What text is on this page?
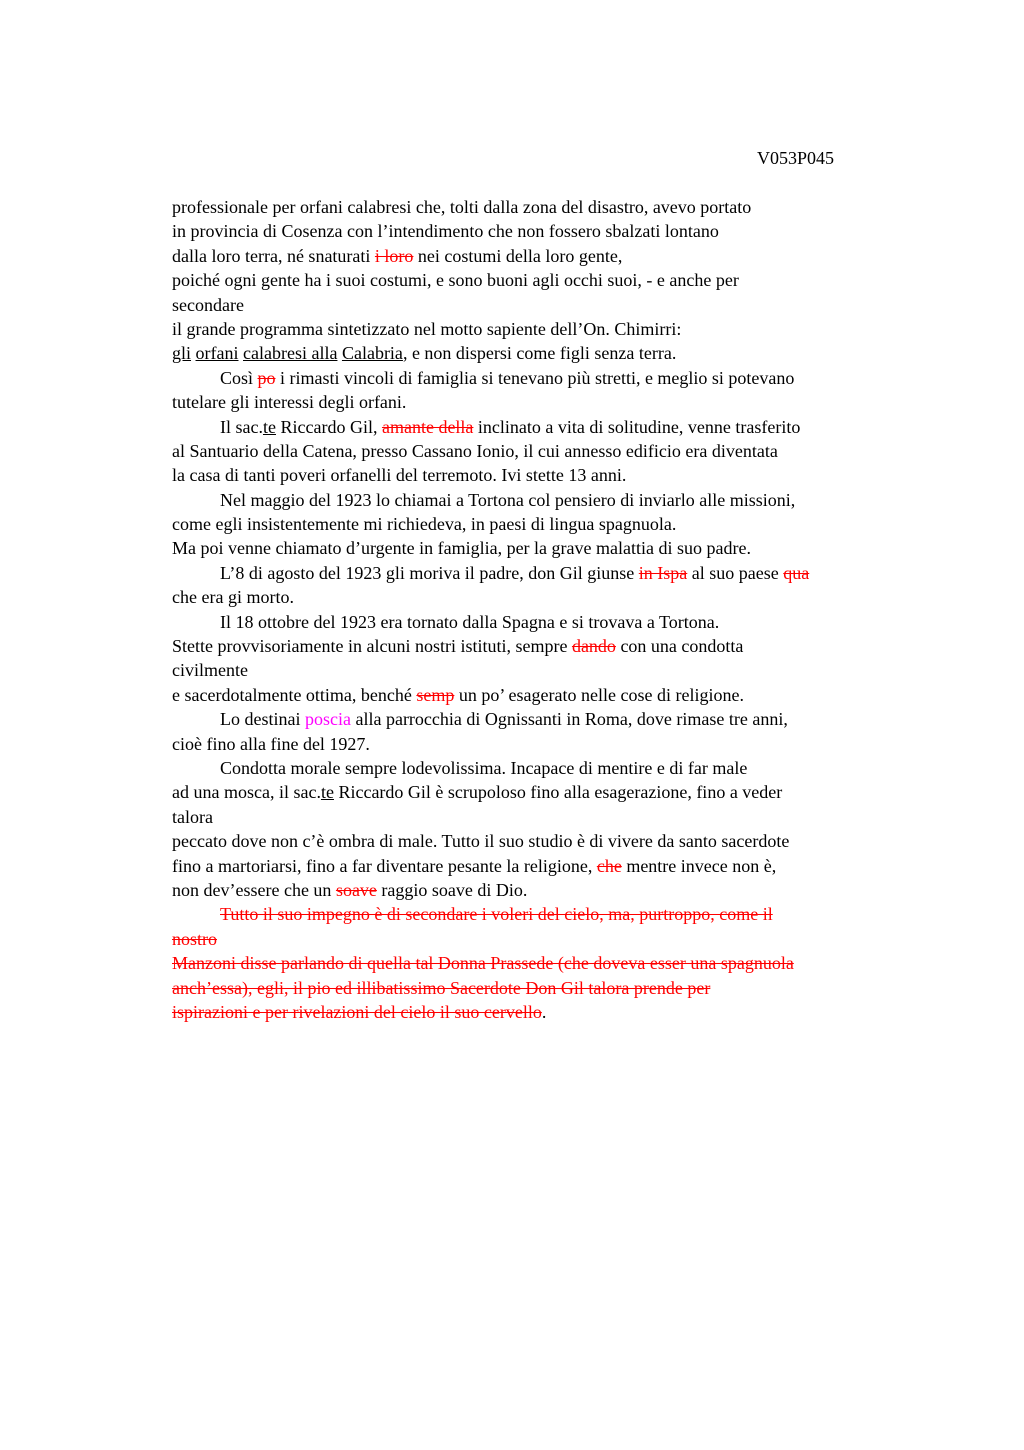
V053P045
professionale per orfani calabresi che, tolti dalla zona del disastro, avevo portato
in provincia di Cosenza con l’intendimento che non fossero sbalzati lontano
dalla loro terra, né snaturati i loro nei costumi della loro gente,
poiché ogni gente ha i suoi costumi, e sono buoni agli occhi suoi, - e anche per
secondare
il grande programma sintetizzato nel motto sapiente dell’On. Chimirri:
gli orfani calabresi alla Calabria, e non dispersi come figli senza terra.
Così po i rimasti vincoli di famiglia si tenevano più stretti, e meglio si potevano
tutelare gli interessi degli orfani.
Il sac.te Riccardo Gil, amante della inclinato a vita di solitudine, venne trasferito
al Santuario della Catena, presso Cassano Ionio, il cui annesso edificio era diventata
la casa di tanti poveri orfanelli del terremoto. Ivi stette 13 anni.
Nel maggio del 1923 lo chiamai a Tortona col pensiero di inviarlo alle missioni,
come egli insistentemente mi richiedeva, in paesi di lingua spagnuola.
Ma poi venne chiamato d’urgente in famiglia, per la grave malattia di suo padre.
L’8 di agosto del 1923 gli moriva il padre, don Gil giunse in Ispa al suo paese qua
che era gi morto.
Il 18 ottobre del 1923 era tornato dalla Spagna e si trovava a Tortona.
Stette provvisoriamente in alcuni nostri istituti, sempre dando con una condotta
civilmente
e sacerdotalmente ottima, benché semp un po’ esagerato nelle cose di religione.
Lo destinai poscia alla parrocchia di Ognissanti in Roma, dove rimase tre anni,
cioè fino alla fine del 1927.
Condotta morale sempre lodevolissima. Incapace di mentire e di far male
ad una mosca, il sac.te Riccardo Gil è scrupoloso fino alla esagerazione, fino a veder
talora
peccato dove non c’è ombra di male. Tutto il suo studio è di vivere da santo sacerdote
fino a martoriarsi, fino a far diventare pesante la religione, che mentre invece non è,
non dev’essere che un soave raggio soave di Dio.
Tutto il suo impegno è di secondare i voleri del cielo, ma, purtroppo, come il
nostro
Manzoni disse parlando di quella tal Donna Prassede (che doveva esser una spagnuola
anch’essa), egli, il pio ed illibatissimo Sacerdote Don Gil talora prende per
ispirazioni e per rivelazioni del cielo il suo cervello.
